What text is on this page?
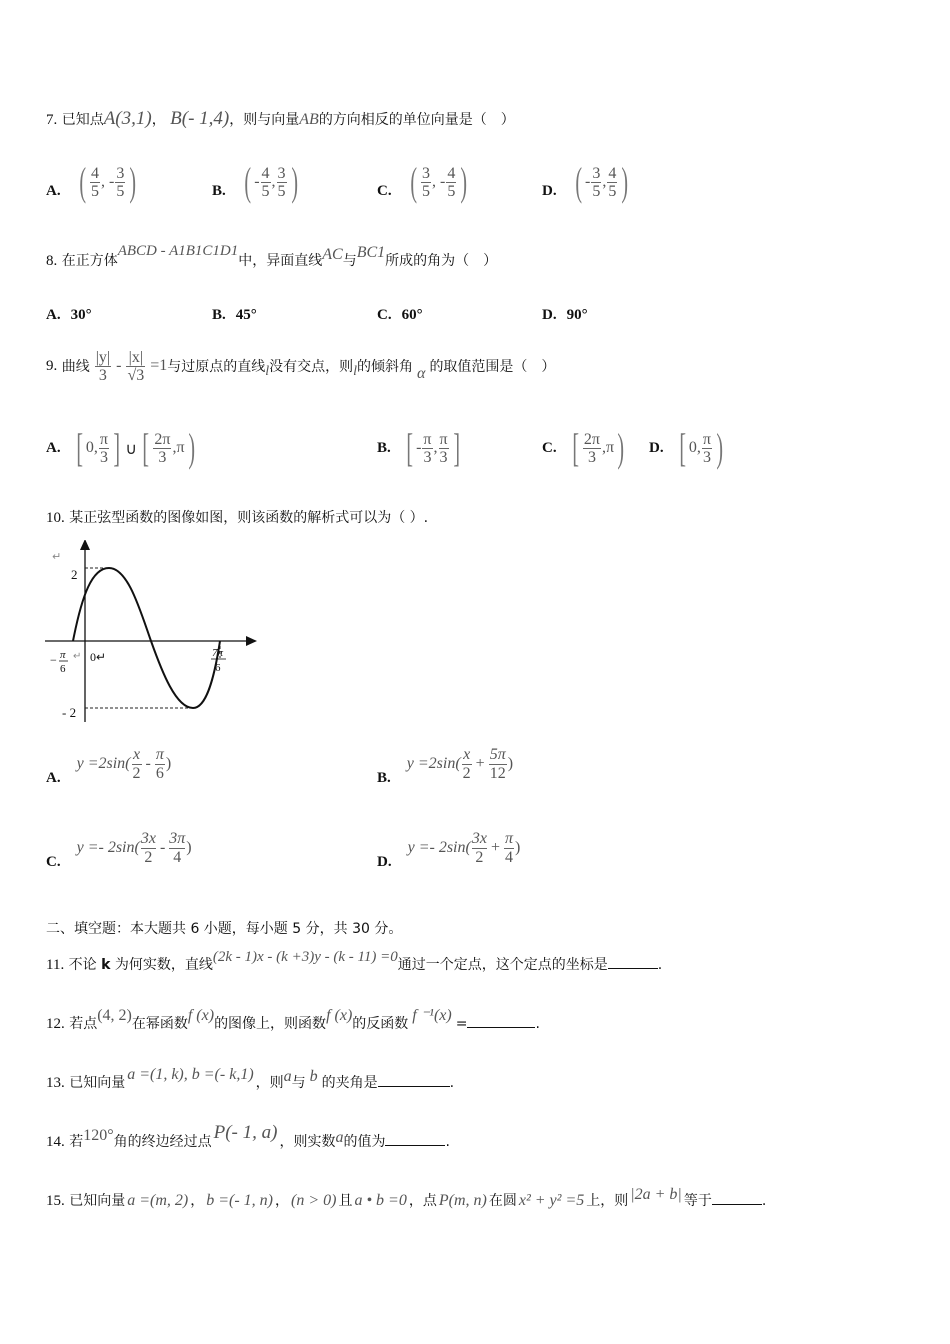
7. 已知点A(3,1)， B(- 1,4)，则与向量AB的方向相反的单位向量是（　）
A. ( $\frac{4}{5}$ , - $\frac{3}{5}$ )	B. ( - $\frac{4}{5}$ , $\frac{3}{5}$ )	C. ( $\frac{3}{5}$ , - $\frac{4}{5}$ )	D. ( - $\frac{3}{5}$ , $\frac{4}{5}$ )
8. 在正方体ABCD - A1B1C1D1中，异面直线AC与BC1所成的角为（　）
A. 30°	B. 45°	C. 60°	D. 90°
9.
曲线 $\frac{|y|}{3} - \frac{|x|}{√3} =1$ 与过原点的直线 l 没有交点，则 l 的倾斜角 α 的取值范围是（　）
A. [ 0, $\frac{\pi}{3}$ ] ∪ [ $\frac{2\pi}{3} ,\pi$ )	B. [ - $\frac{\pi}{3}$ , $\frac{\pi}{3}$ ]	C. [ $\frac{2\pi}{3} ,\pi$ ) D. [ 0, $\frac{\pi}{3}$ )
10. 某正弦型函数的图像如图，则该函数的解析式可以为（ ）.
↵
2
- 2
0↵
− π
6
↵	7π
6
A.
$y =2\sin( \frac{x}{2} - \frac{\pi}{6}$ )
B.
$y =2\sin( \frac{x}{2} + \frac{5\pi}{12}$ )
C.
$y =- 2\sin( \frac{3x}{2} - \frac{3\pi}{4}$ )
D.
$y =- 2\sin( \frac{3x}{2} + \frac{\pi}{4}$ )
二、填空题：本大题共 6 小题，每小题 5 分，共 30 分。
11. 不论 k 为何实数，直线(2k - 1)x - (k +3)y - (k - 11) =0通过一个定点，这个定点的坐标是	.
12. 若点(4, 2)在幂函数f (x)的图像上，则函数f (x)的反函数 f ⁻¹(x) =	.
13. 已知向量 a =(1, k), b =(- k,1) ，则a与 b 的夹角是	.
14. 若120°角的终边经过点 P(- 1, a) ，则实数a的值为	.
15. 已知向量 a =(m, 2) ， b =(- 1, n) ， (n > 0) 且 a • b =0 ，点 P(m, n) 在圆 x² + y² =5 上，则 |2a + b| 等于	.
